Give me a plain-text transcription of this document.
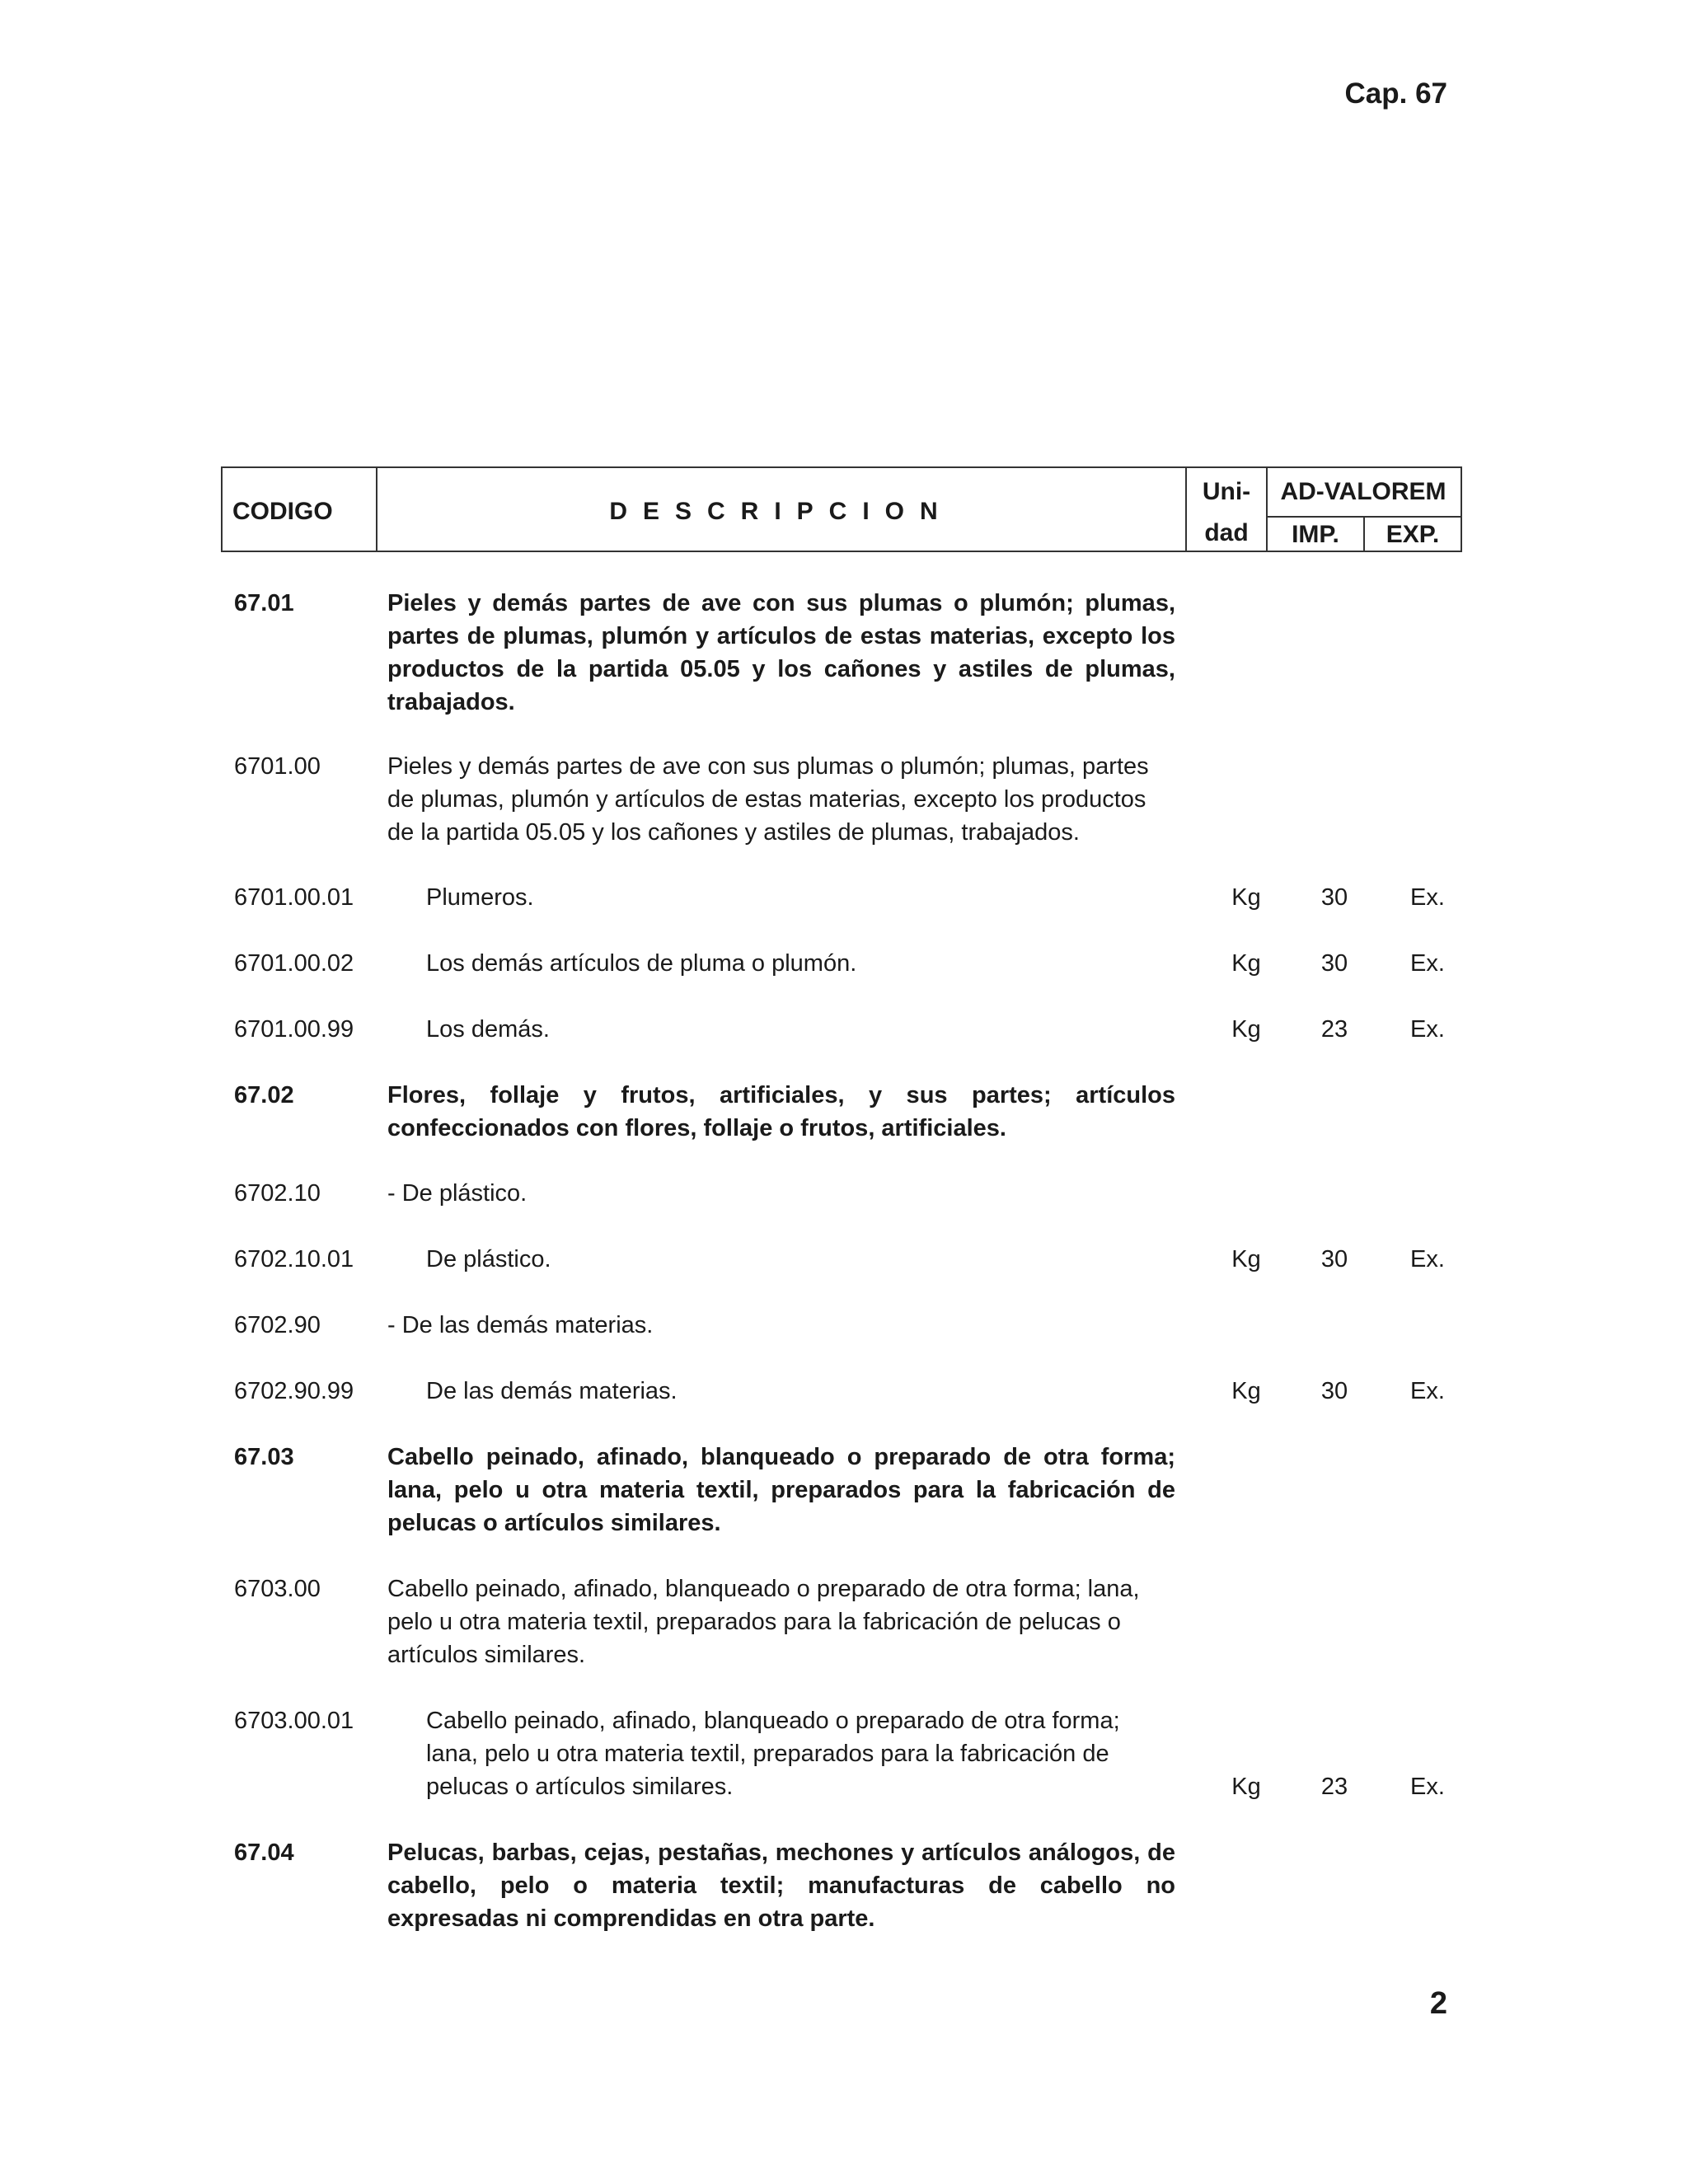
Cap. 67
CODIGO	DESCRIPCION
Uni-
dad
AD-VALOREM
IMP.	EXP.
67.01	Pieles y demás partes de ave con sus plumas o plumón; plumas, partes de plumas, plumón y artículos de estas materias, excepto los productos de la partida 05.05 y los cañones y astiles de plumas, trabajados.
6701.00	Pieles y demás partes de ave con sus plumas o plumón; plumas, partes de plumas, plumón y artículos de estas materias, excepto los productos de la partida 05.05 y los cañones y astiles de plumas, trabajados.
6701.00.01	Plumeros.	Kg	30	Ex.
6701.00.02	Los demás artículos de pluma o plumón.	Kg	30	Ex.
6701.00.99	Los demás.	Kg	23	Ex.
67.02	Flores, follaje y frutos, artificiales, y sus partes; artículos confeccionados con flores, follaje o frutos, artificiales.
6702.10	- De plástico.
6702.10.01	De plástico.	Kg	30	Ex.
6702.90	- De las demás materias.
6702.90.99	De las demás materias.	Kg	30	Ex.
67.03	Cabello peinado, afinado, blanqueado o preparado de otra forma; lana, pelo u otra materia textil, preparados para la fabricación de pelucas o artículos similares.
6703.00	Cabello peinado, afinado, blanqueado o preparado de otra forma; lana, pelo u otra materia textil, preparados para la fabricación de pelucas o artículos similares.
6703.00.01	Cabello peinado, afinado, blanqueado o preparado de otra forma; lana, pelo u otra materia textil, preparados para la fabricación de pelucas o artículos similares.	Kg	23	Ex.
67.04	Pelucas, barbas, cejas, pestañas, mechones y artículos análogos, de cabello, pelo o materia textil; manufacturas de cabello no expresadas ni comprendidas en otra parte.
2
